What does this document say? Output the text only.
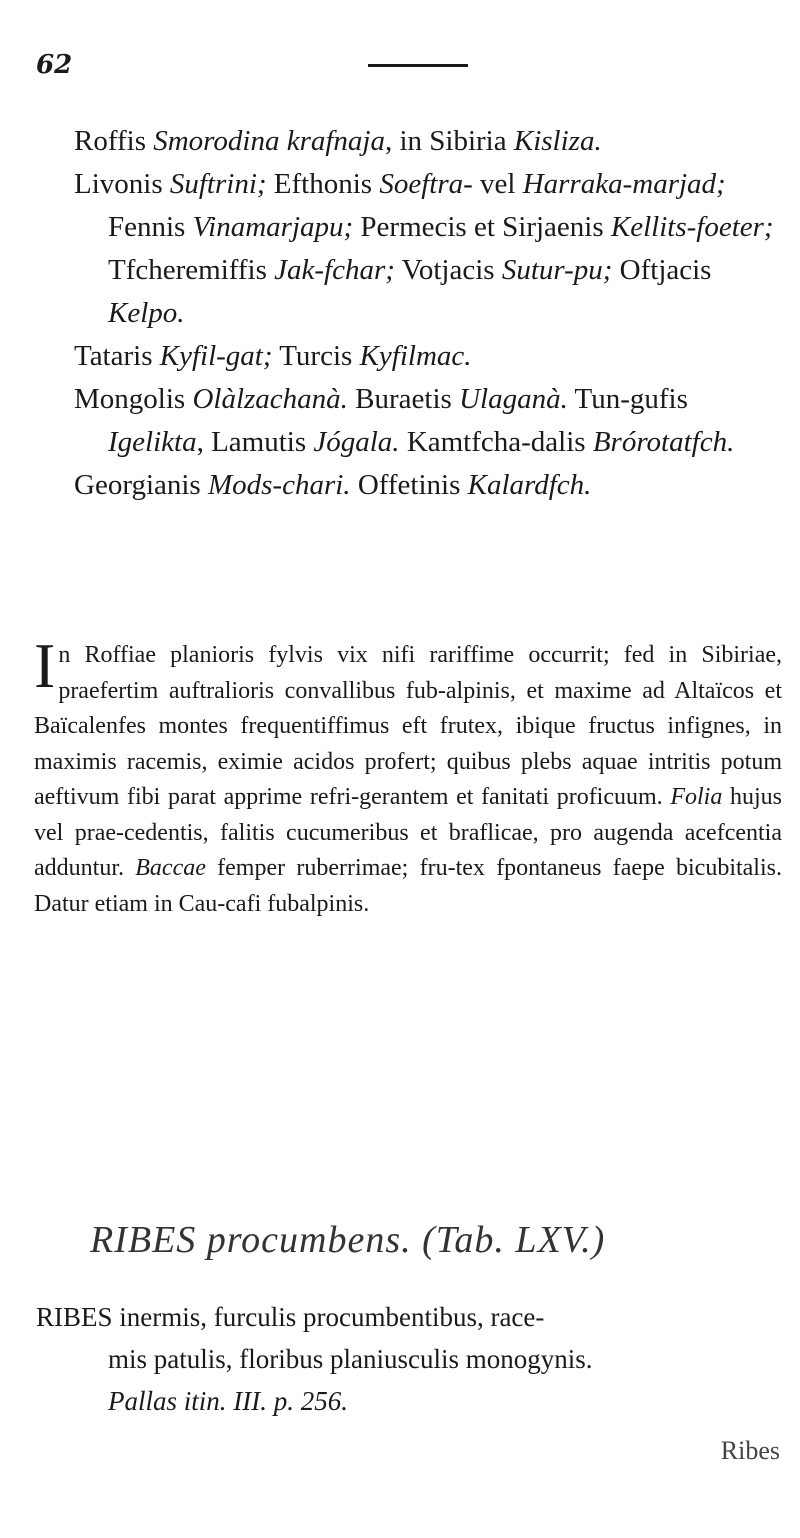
62

Roffis Smorodina krafnaja, in Sibiria Kisliza.

Livonis Suftrini; Efthonis Soeftra- vel Harraka-marjad; Fennis Vinamarjapu; Permecis et Sirjaenis Kellits-foeter; Tfcheremiffis Jak-fchar; Votjacis Sutur-pu; Oftjacis Kelpo.

Tataris Kyfil-gat; Turcis Kyfilmac.

Mongolis Olàlzachanà. Buraetis Ulaganà. Tun-gufis Igelikta, Lamutis Jógala. Kamtfcha-dalis Brórotatfch.

Georgianis Mods-chari. Offetinis Kalardfch.

In Roffiae planioris fylvis vix nifi rariffime occurrit; fed in Sibiriae, praefertim auftralioris convallibus fub-alpinis, et maxime ad Altaïcos et Baïcalenfes montes frequentiffimus eft frutex, ibique fructus infignes, in maximis racemis, eximie acidos profert; quibus plebs aquae intritis potum aeftivum fibi parat apprime refri-gerantem et fanitati proficuum. Folia hujus vel prae-cedentis, falitis cucumeribus et braflicae, pro augenda acefcentia adduntur. Baccae femper ruberrimae; fru-tex fpontaneus faepe bicubitalis. Datur etiam in Cau-cafi fubalpinis.

RIBES procumbens. (Tab. LXV.)

RIBES inermis, furculis procumbentibus, race-
mis patulis, floribus planiusculis monogynis.
Pallas itin. III. p. 256.

Ribes
